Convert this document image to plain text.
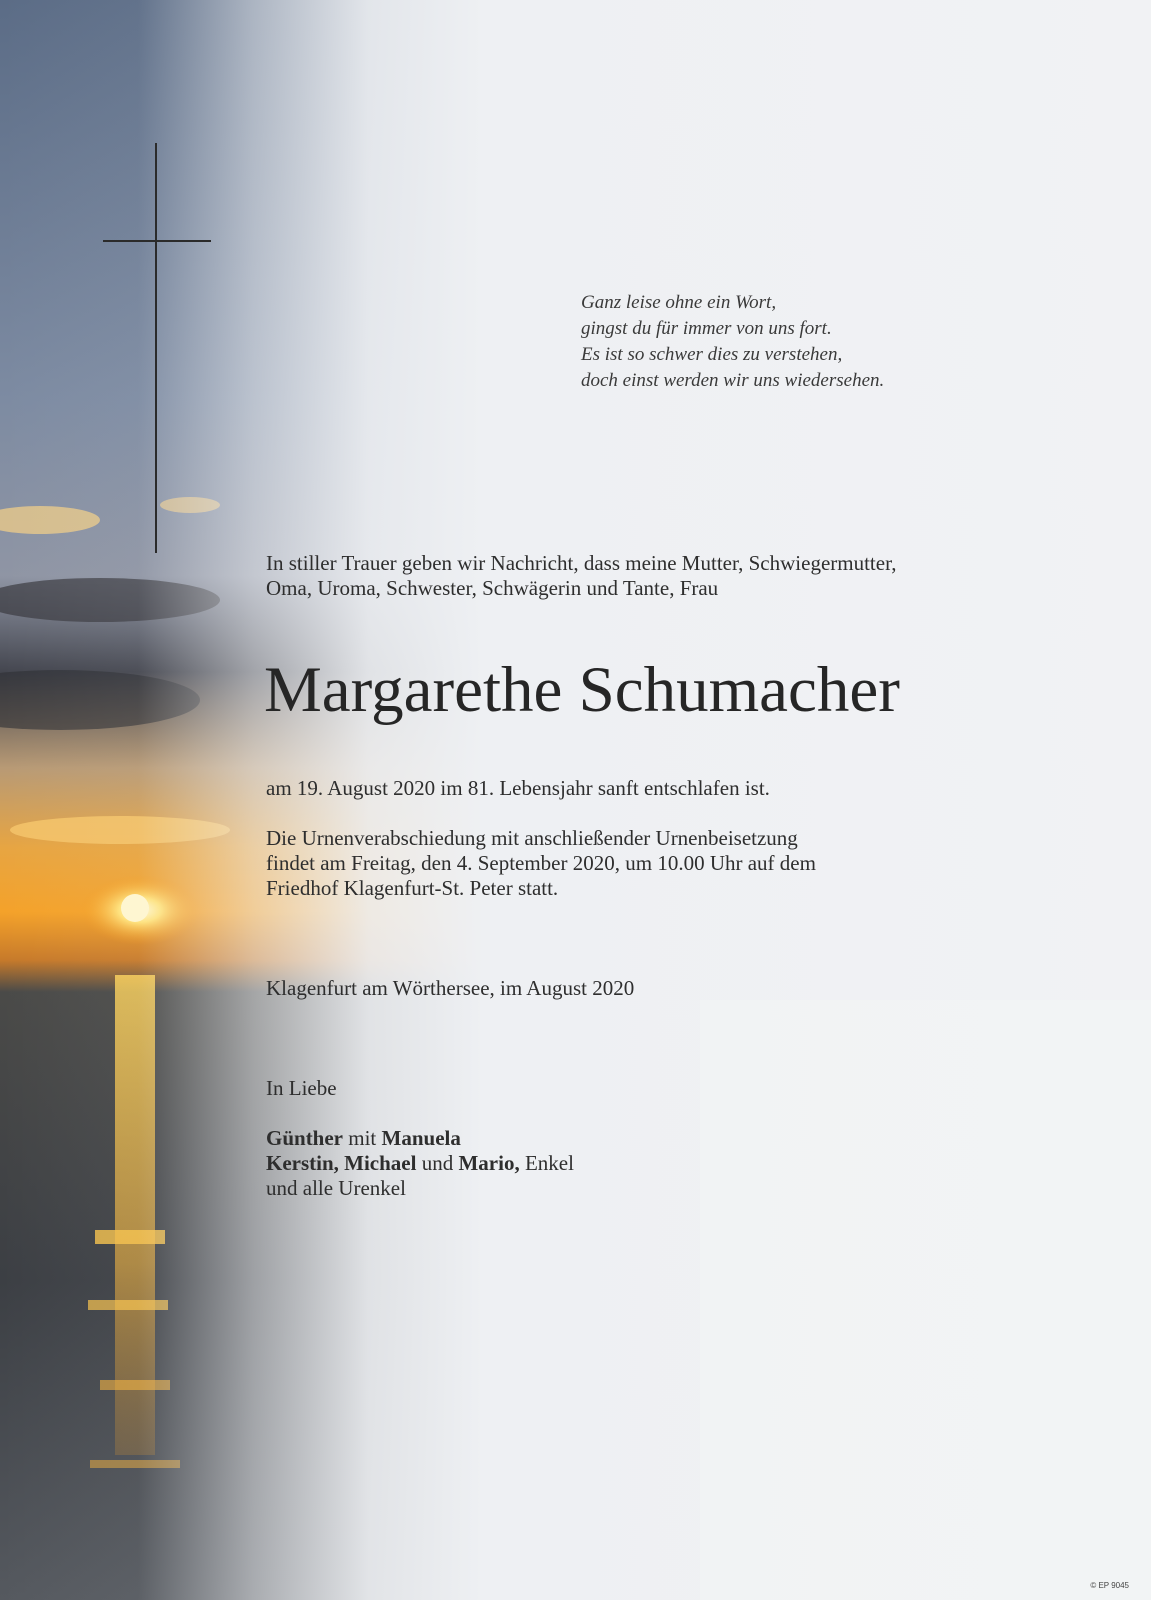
Ganz leise ohne ein Wort,
gingst du für immer von uns fort.
Es ist so schwer dies zu verstehen,
doch einst werden wir uns wiedersehen.
In stiller Trauer geben wir Nachricht, dass meine Mutter, Schwiegermutter,
Oma, Uroma, Schwester, Schwägerin und Tante, Frau
Margarethe Schumacher
am 19. August 2020 im 81. Lebensjahr sanft entschlafen ist.
Die Urnenverabschiedung mit anschließender Urnenbeisetzung
findet am Freitag, den 4. September 2020, um 10.00 Uhr auf dem
Friedhof Klagenfurt-St. Peter statt.
Klagenfurt am Wörthersee, im August 2020
In Liebe
Günther mit Manuela
Kerstin, Michael und Mario, Enkel
und alle Urenkel
© EP 9045
